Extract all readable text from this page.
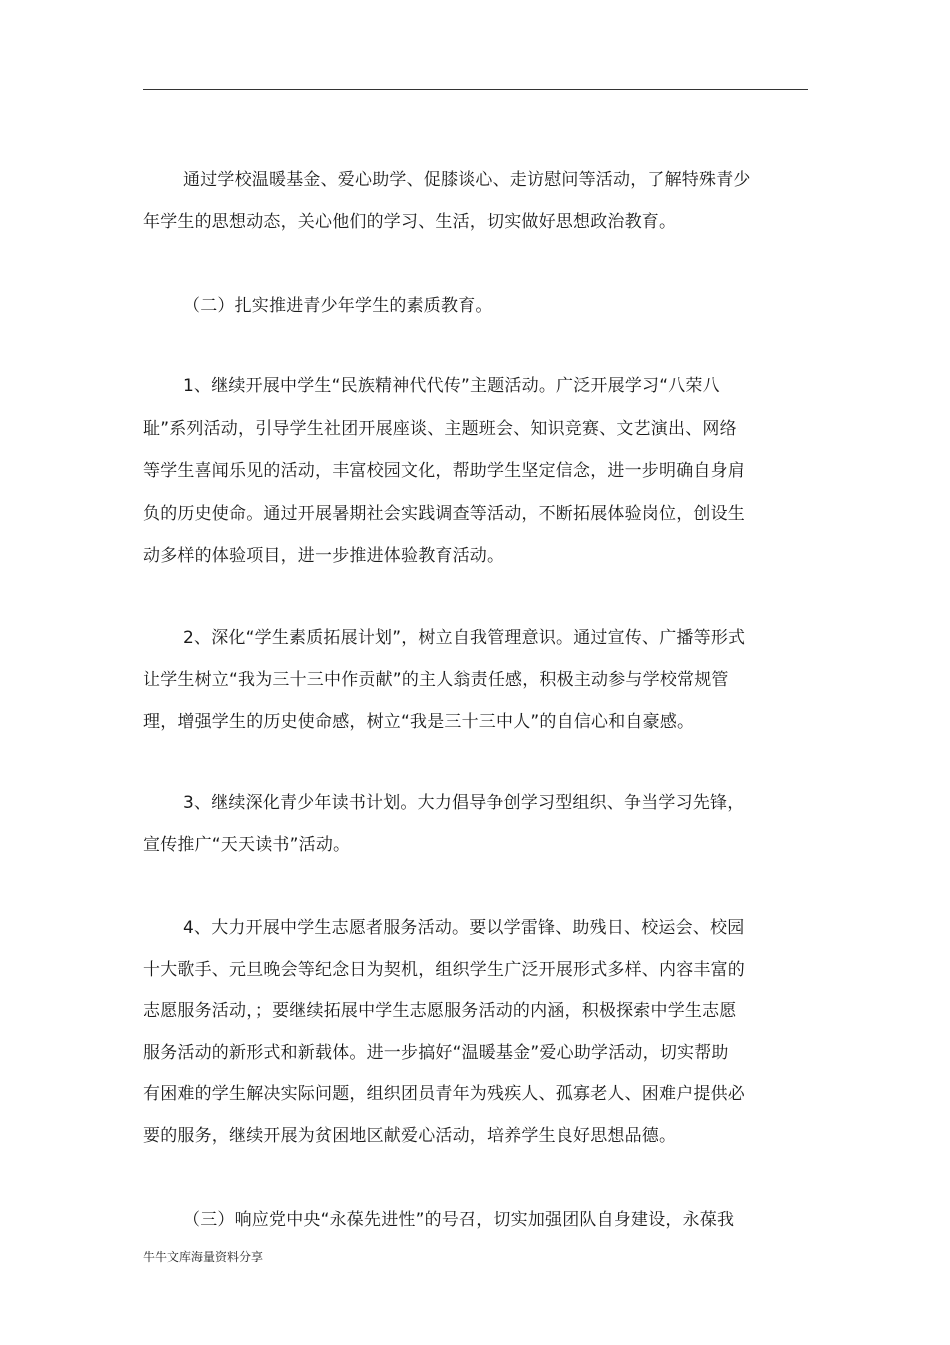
通过学校温暖基金、爱心助学、促膝谈心、走访慰问等活动，了解特殊青少
年学生的思想动态，关心他们的学习、生活，切实做好思想政治教育。
（二）扎实推进青少年学生的素质教育。
1、继续开展中学生“民族精神代代传”主题活动。广泛开展学习“八荣八
耻”系列活动，引导学生社团开展座谈、主题班会、知识竞赛、文艺演出、网络
等学生喜闻乐见的活动，丰富校园文化，帮助学生坚定信念，进一步明确自身肩
负的历史使命。通过开展暑期社会实践调查等活动，不断拓展体验岗位，创设生
动多样的体验项目，进一步推进体验教育活动。
2、深化“学生素质拓展计划”，树立自我管理意识。通过宣传、广播等形式
让学生树立“我为三十三中作贡献”的主人翁责任感，积极主动参与学校常规管
理，增强学生的历史使命感，树立“我是三十三中人”的自信心和自豪感。
3、继续深化青少年读书计划。大力倡导争创学习型组织、争当学习先锋，
宣传推广“天天读书”活动。
4、大力开展中学生志愿者服务活动。要以学雷锋、助残日、校运会、校园
十大歌手、元旦晚会等纪念日为契机，组织学生广泛开展形式多样、内容丰富的
志愿服务活动，；要继续拓展中学生志愿服务活动的内涵，积极探索中学生志愿
服务活动的新形式和新载体。进一步搞好“温暖基金”爱心助学活动，切实帮助
有困难的学生解决实际问题，组织团员青年为残疾人、孤寡老人、困难户提供必
要的服务，继续开展为贫困地区献爱心活动，培养学生良好思想品德。
（三）响应党中央“永葆先进性”的号召，切实加强团队自身建设，永葆我
牛牛文库海量资料分享
